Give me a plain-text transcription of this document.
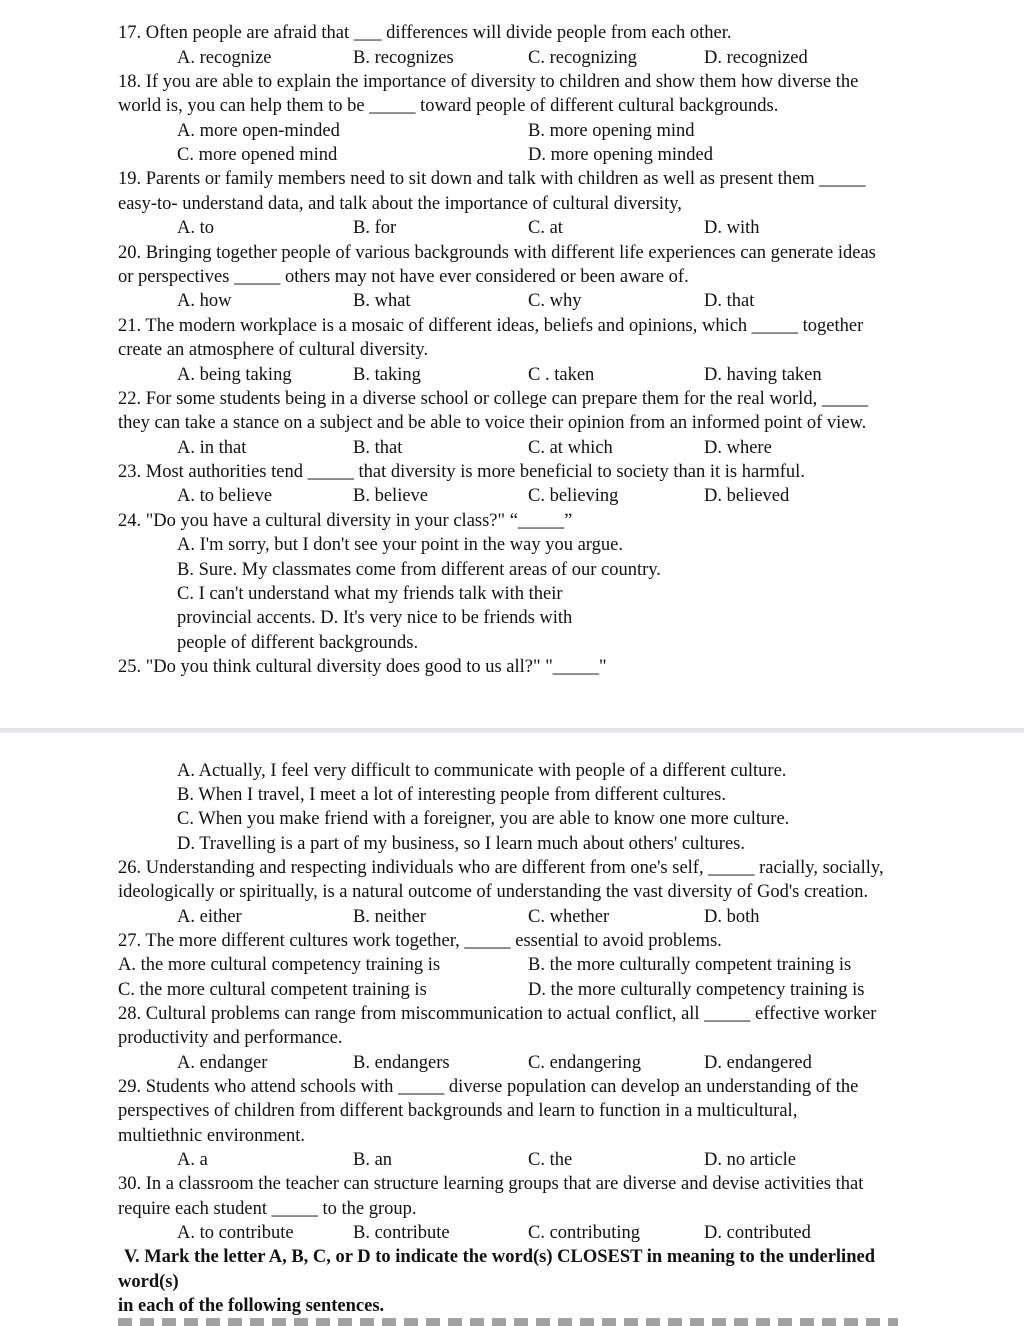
17. Often people are afraid that ___ differences will divide people from each other.
A. recognize	B. recognizes	C. recognizing	D. recognized
18. If you are able to explain the importance of diversity to children and show them how diverse the
world is, you can help them to be _____ toward people of different cultural backgrounds.
A. more open-minded	B. more opening mind
C. more opened mind	D. more opening minded
19. Parents or family members need to sit down and talk with children as well as present them _____
easy-to- understand data, and talk about the importance of cultural diversity,
A. to	B. for	C. at	D. with
20. Bringing together people of various backgrounds with different life experiences can generate ideas
or perspectives _____ others may not have ever considered or been aware of.
A. how	B. what	C. why	D. that
21. The modern workplace is a mosaic of different ideas, beliefs and opinions, which _____ together
create an atmosphere of cultural diversity.
A. being taking	B. taking	C . taken	D. having taken
22. For some students being in a diverse school or college can prepare them for the real world, _____
they can take a stance on a subject and be able to voice their opinion from an informed point of view.
A. in that	B. that	C. at which	D. where
23. Most authorities tend _____ that diversity is more beneficial to society than it is harmful.
A. to believe	B. believe	C. believing	D. believed
24. "Do you have a cultural diversity in your class?" “_____”
A. I'm sorry, but I don't see your point in the way you argue.
B. Sure. My classmates come from different areas of our country.
C. I can't understand what my friends talk with their
provincial accents. D. It's very nice to be friends with
people of different backgrounds.
25. "Do you think cultural diversity does good to us all?" "_____"
A. Actually, I feel very difficult to communicate with people of a different culture.
B. When I travel, I meet a lot of interesting people from different cultures.
C. When you make friend with a foreigner, you are able to know one more culture.
D. Travelling is a part of my business, so I learn much about others' cultures.
26. Understanding and respecting individuals who are different from one's self, _____ racially, socially,
ideologically or spiritually, is a natural outcome of understanding the vast diversity of God's creation.
A. either	B. neither	C. whether	D. both
27. The more different cultures work together, _____ essential to avoid problems.
A. the more cultural competency training is	B. the more culturally competent training is
C. the more cultural competent training is	D. the more culturally competency training is
28. Cultural problems can range from miscommunication to actual conflict, all _____ effective worker
productivity and performance.
A. endanger	B. endangers	C. endangering	D. endangered
29. Students who attend schools with _____ diverse population can develop an understanding of the
perspectives of children from different backgrounds and learn to function in a multicultural,
multiethnic environment.
A. a	B. an	C. the	D. no article
30. In a classroom the teacher can structure learning groups that are diverse and devise activities that
require each student _____ to the group.
A. to contribute	B. contribute	C. contributing	D. contributed
V. Mark the letter A, B, C, or D to indicate the word(s) CLOSEST in meaning to the underlined
word(s)
in each of the following sentences.
